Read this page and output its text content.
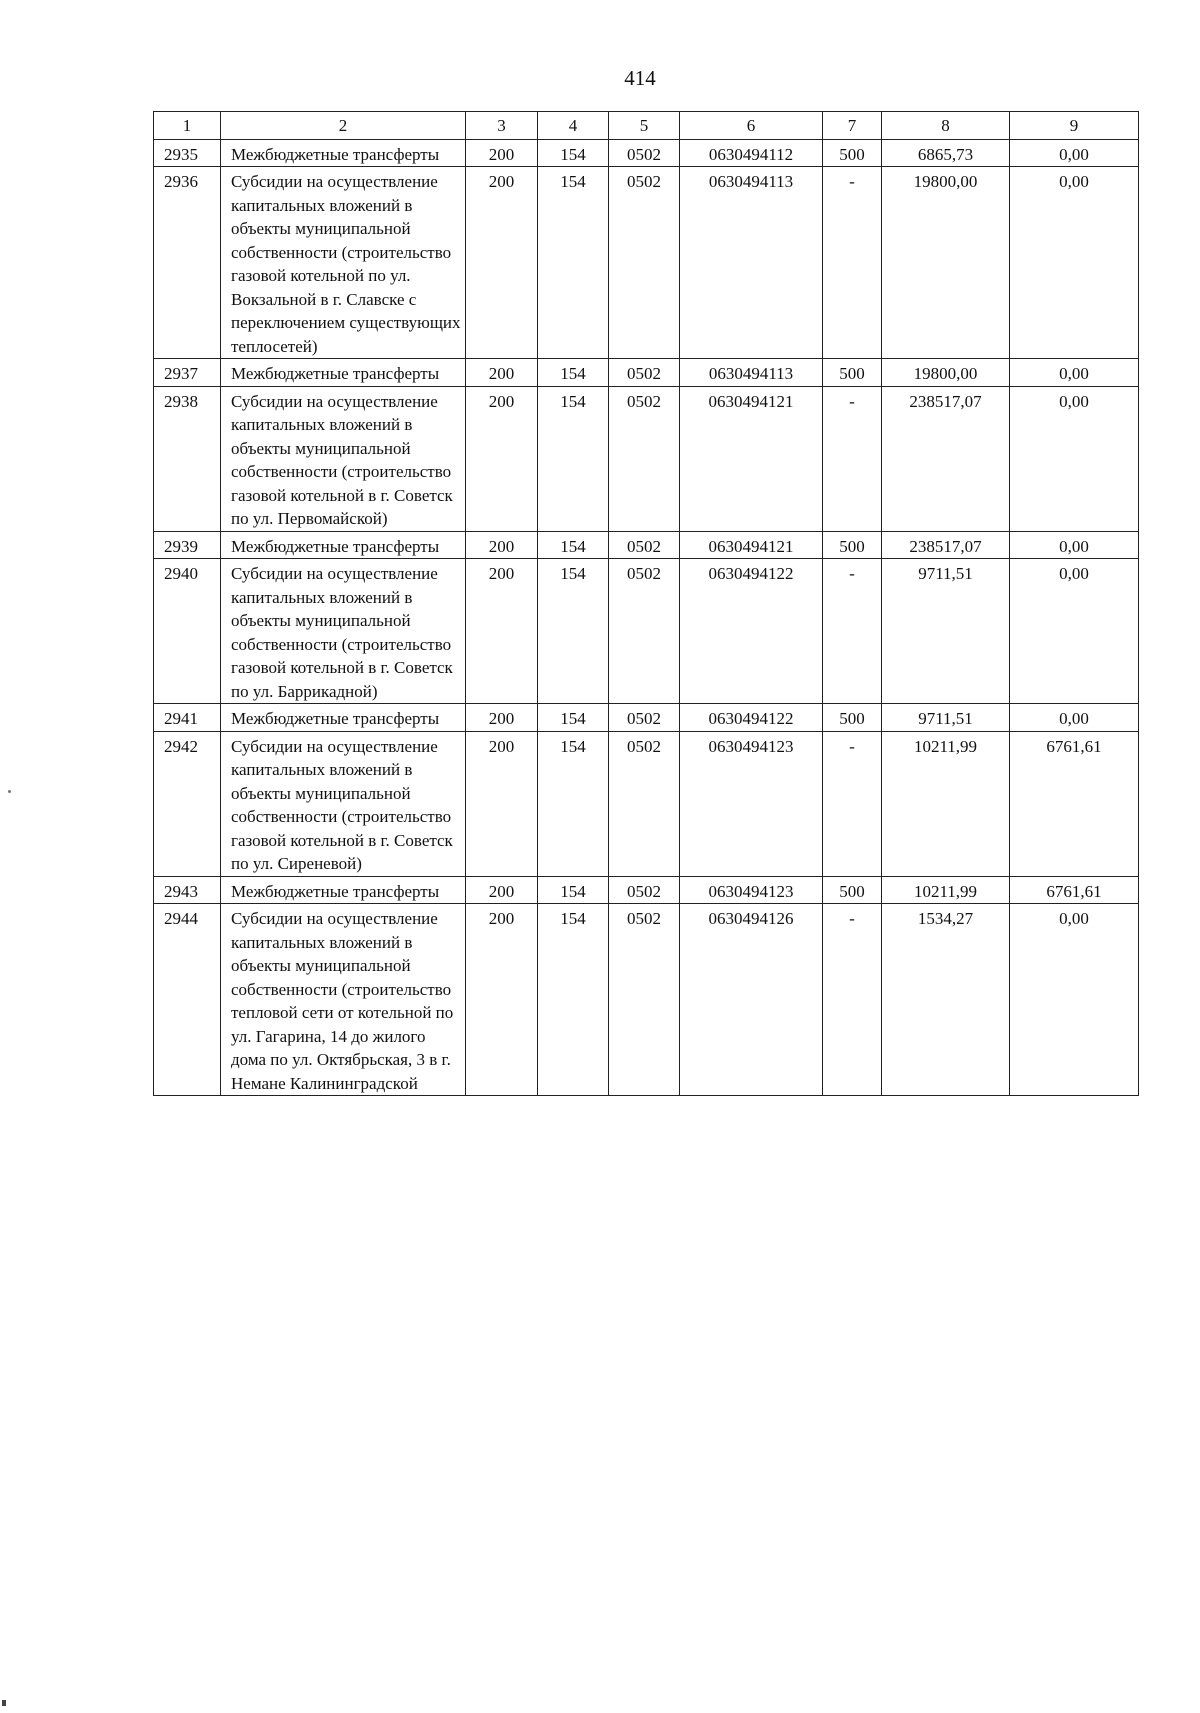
414
1	2	3	4	5	6	7	8	9
2935	Межбюджетные трансферты	200	154	0502	0630494112	500	6865,73	0,00
2936	Субсидии на осуществление капитальных вложений в объекты муниципальной собственности (строительство газовой котельной по ул. Вокзальной в г. Славске с переключением существующих теплосетей)	200	154	0502	0630494113	-	19800,00	0,00
2937	Межбюджетные трансферты	200	154	0502	0630494113	500	19800,00	0,00
2938	Субсидии на осуществление капитальных вложений в объекты муниципальной собственности (строительство газовой котельной в г. Советск по ул. Первомайской)	200	154	0502	0630494121	-	238517,07	0,00
2939	Межбюджетные трансферты	200	154	0502	0630494121	500	238517,07	0,00
2940	Субсидии на осуществление капитальных вложений в объекты муниципальной собственности (строительство газовой котельной в г. Советск по ул. Баррикадной)	200	154	0502	0630494122	-	9711,51	0,00
2941	Межбюджетные трансферты	200	154	0502	0630494122	500	9711,51	0,00
2942	Субсидии на осуществление капитальных вложений в объекты муниципальной собственности (строительство газовой котельной в г. Советск по ул. Сиреневой)	200	154	0502	0630494123	-	10211,99	6761,61
2943	Межбюджетные трансферты	200	154	0502	0630494123	500	10211,99	6761,61
2944	Субсидии на осуществление капитальных вложений в объекты муниципальной собственности (строительство тепловой сети от котельной по ул. Гагарина, 14 до жилого дома по ул. Октябрьская, 3 в г. Немане Калининградской	200	154	0502	0630494126	-	1534,27	0,00
